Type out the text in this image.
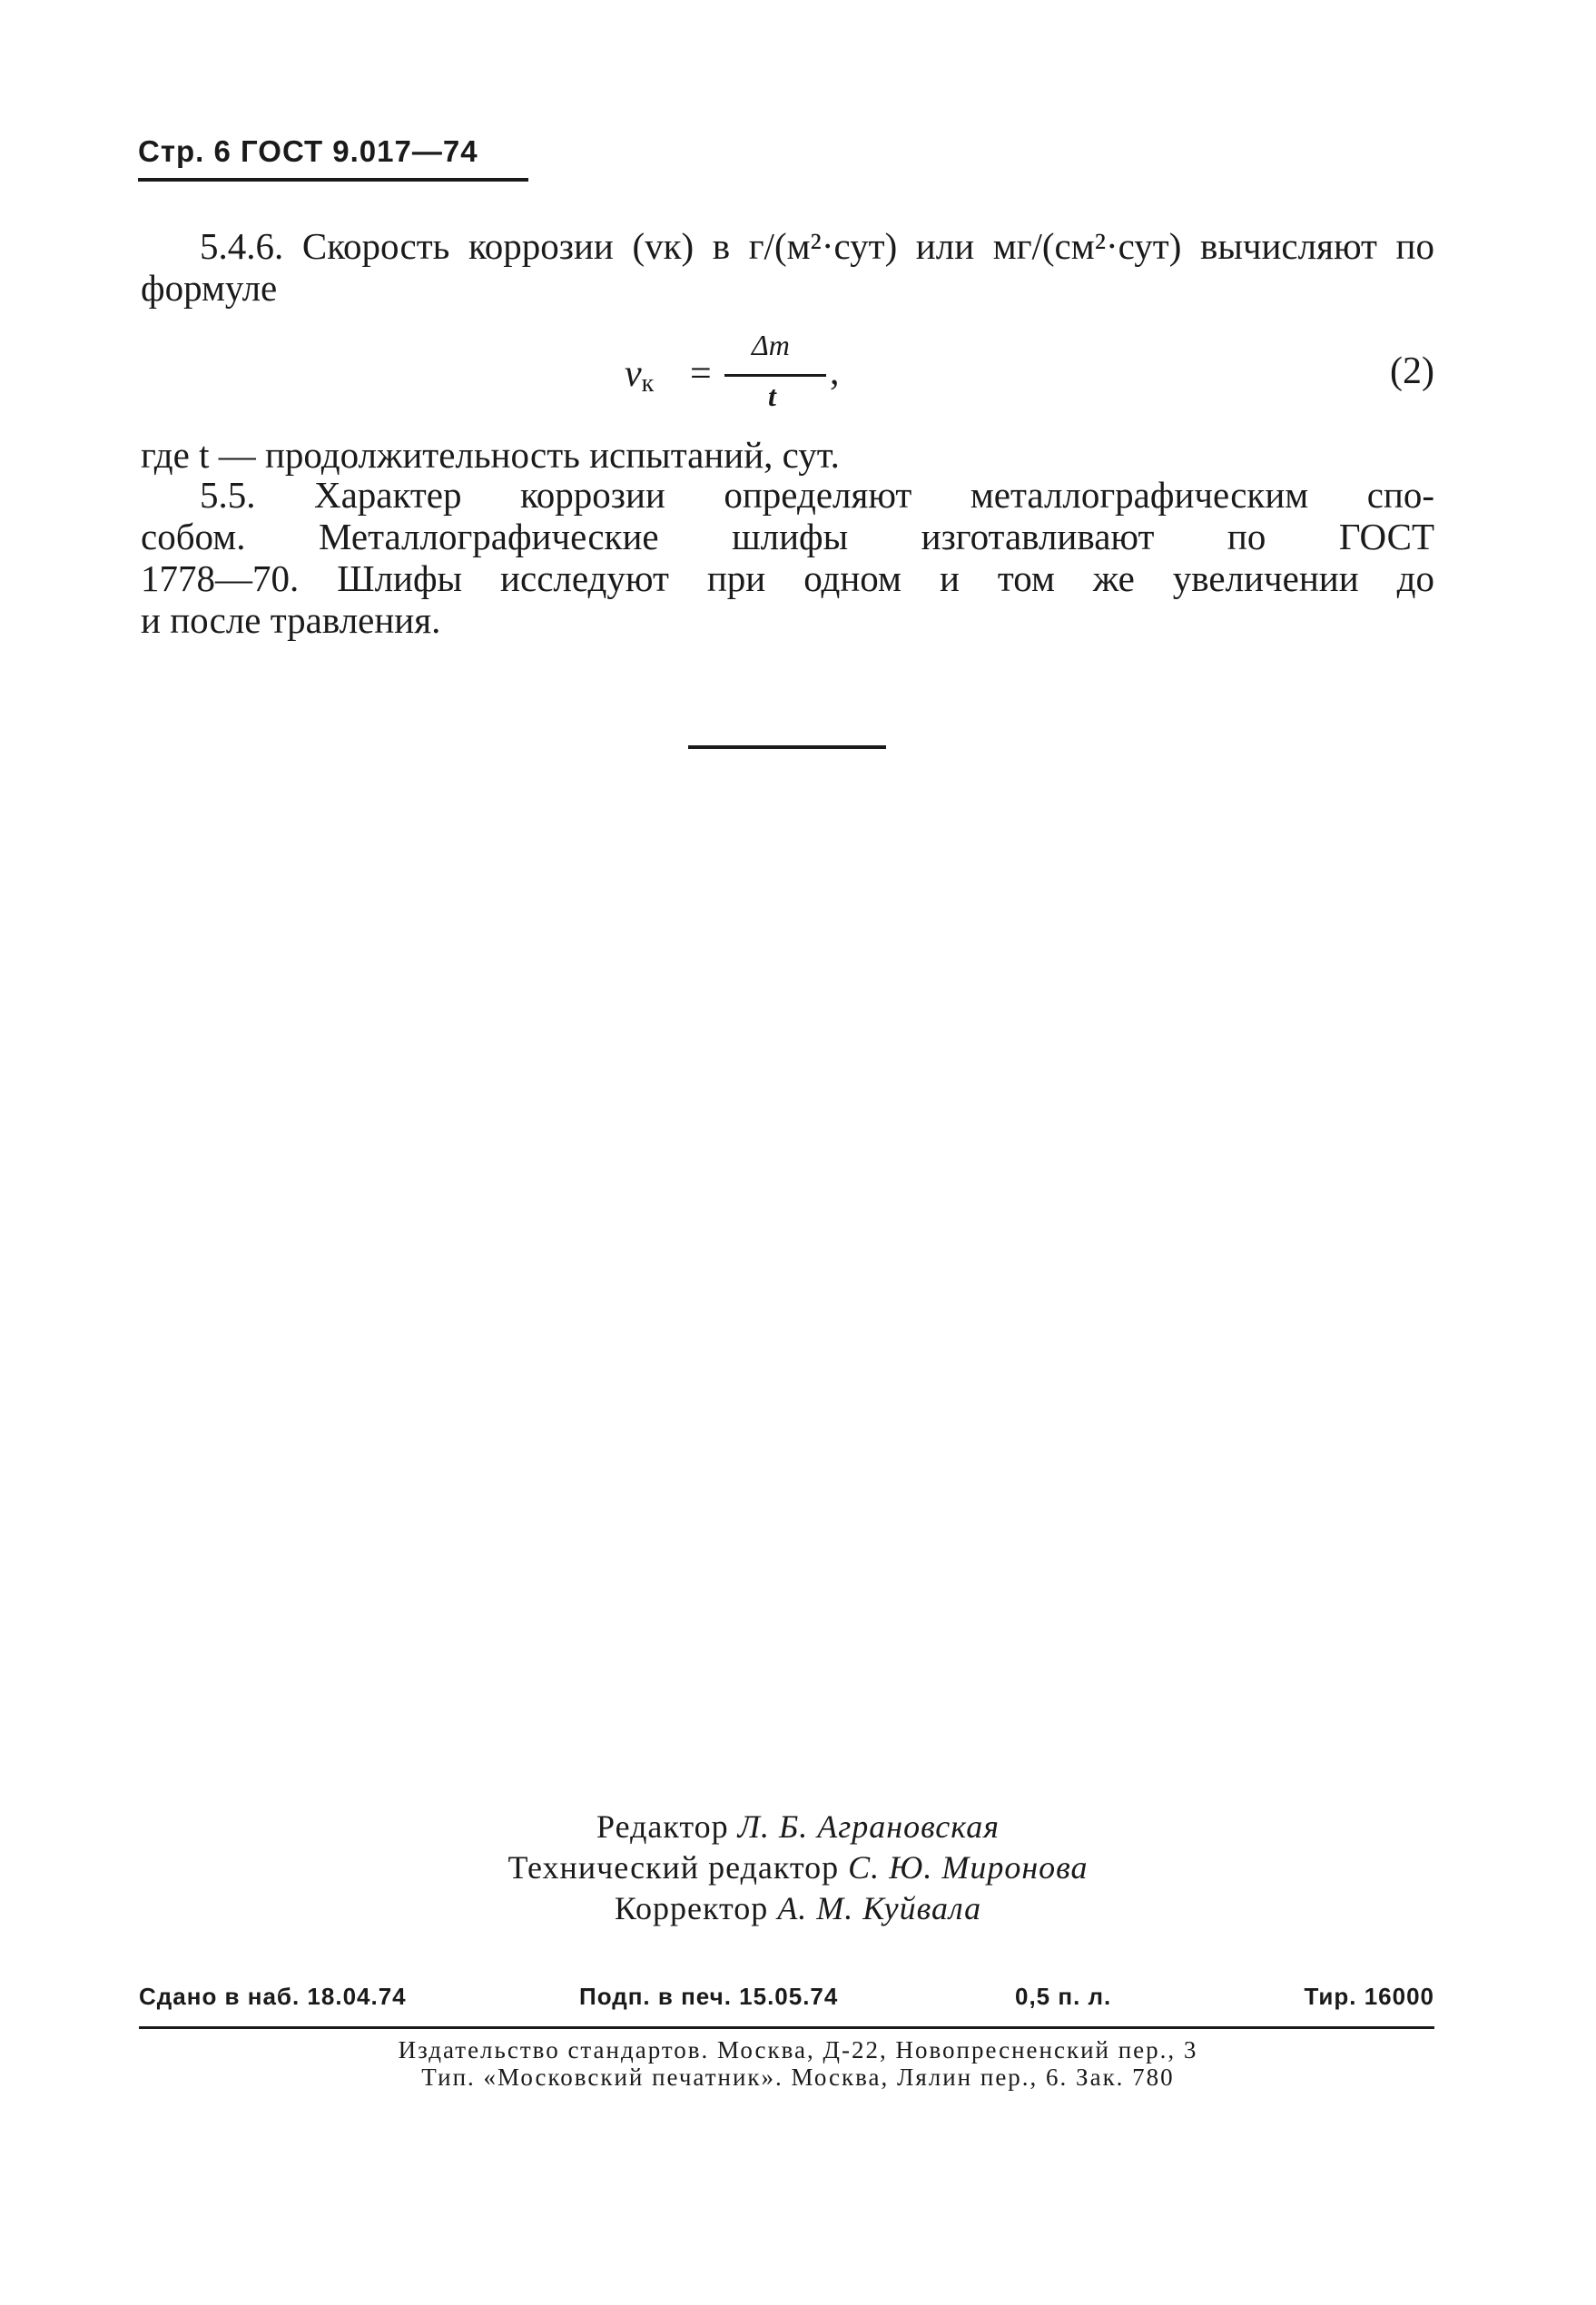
Стр. 6 ГОСТ 9.017—74

5.4.6. Скорость коррозии (vк) в г/(м²·сут) или мг/(см²·сут) вычисляют по формуле

$v_к$ =
Δm
t
,	(2)

где t — продолжительность испытаний, сут.

5.5. Характер коррозии определяют металлографическим спо-

собом. Металлографические шлифы изготавливают по ГОСТ

1778—70. Шлифы исследуют при одном и том же увеличении до

и после травления.

Редактор Л. Б. Аграновская
Технический редактор С. Ю. Миронова
Корректор А. М. Куйвала
Сдано в наб. 18.04.74	Подп. в печ. 15.05.74	0,5 п. л.	Тир. 16000
Издательство стандартов. Москва, Д-22, Новопресненский пер., 3
Тип. «Московский печатник». Москва, Лялин пер., 6. Зак. 780
